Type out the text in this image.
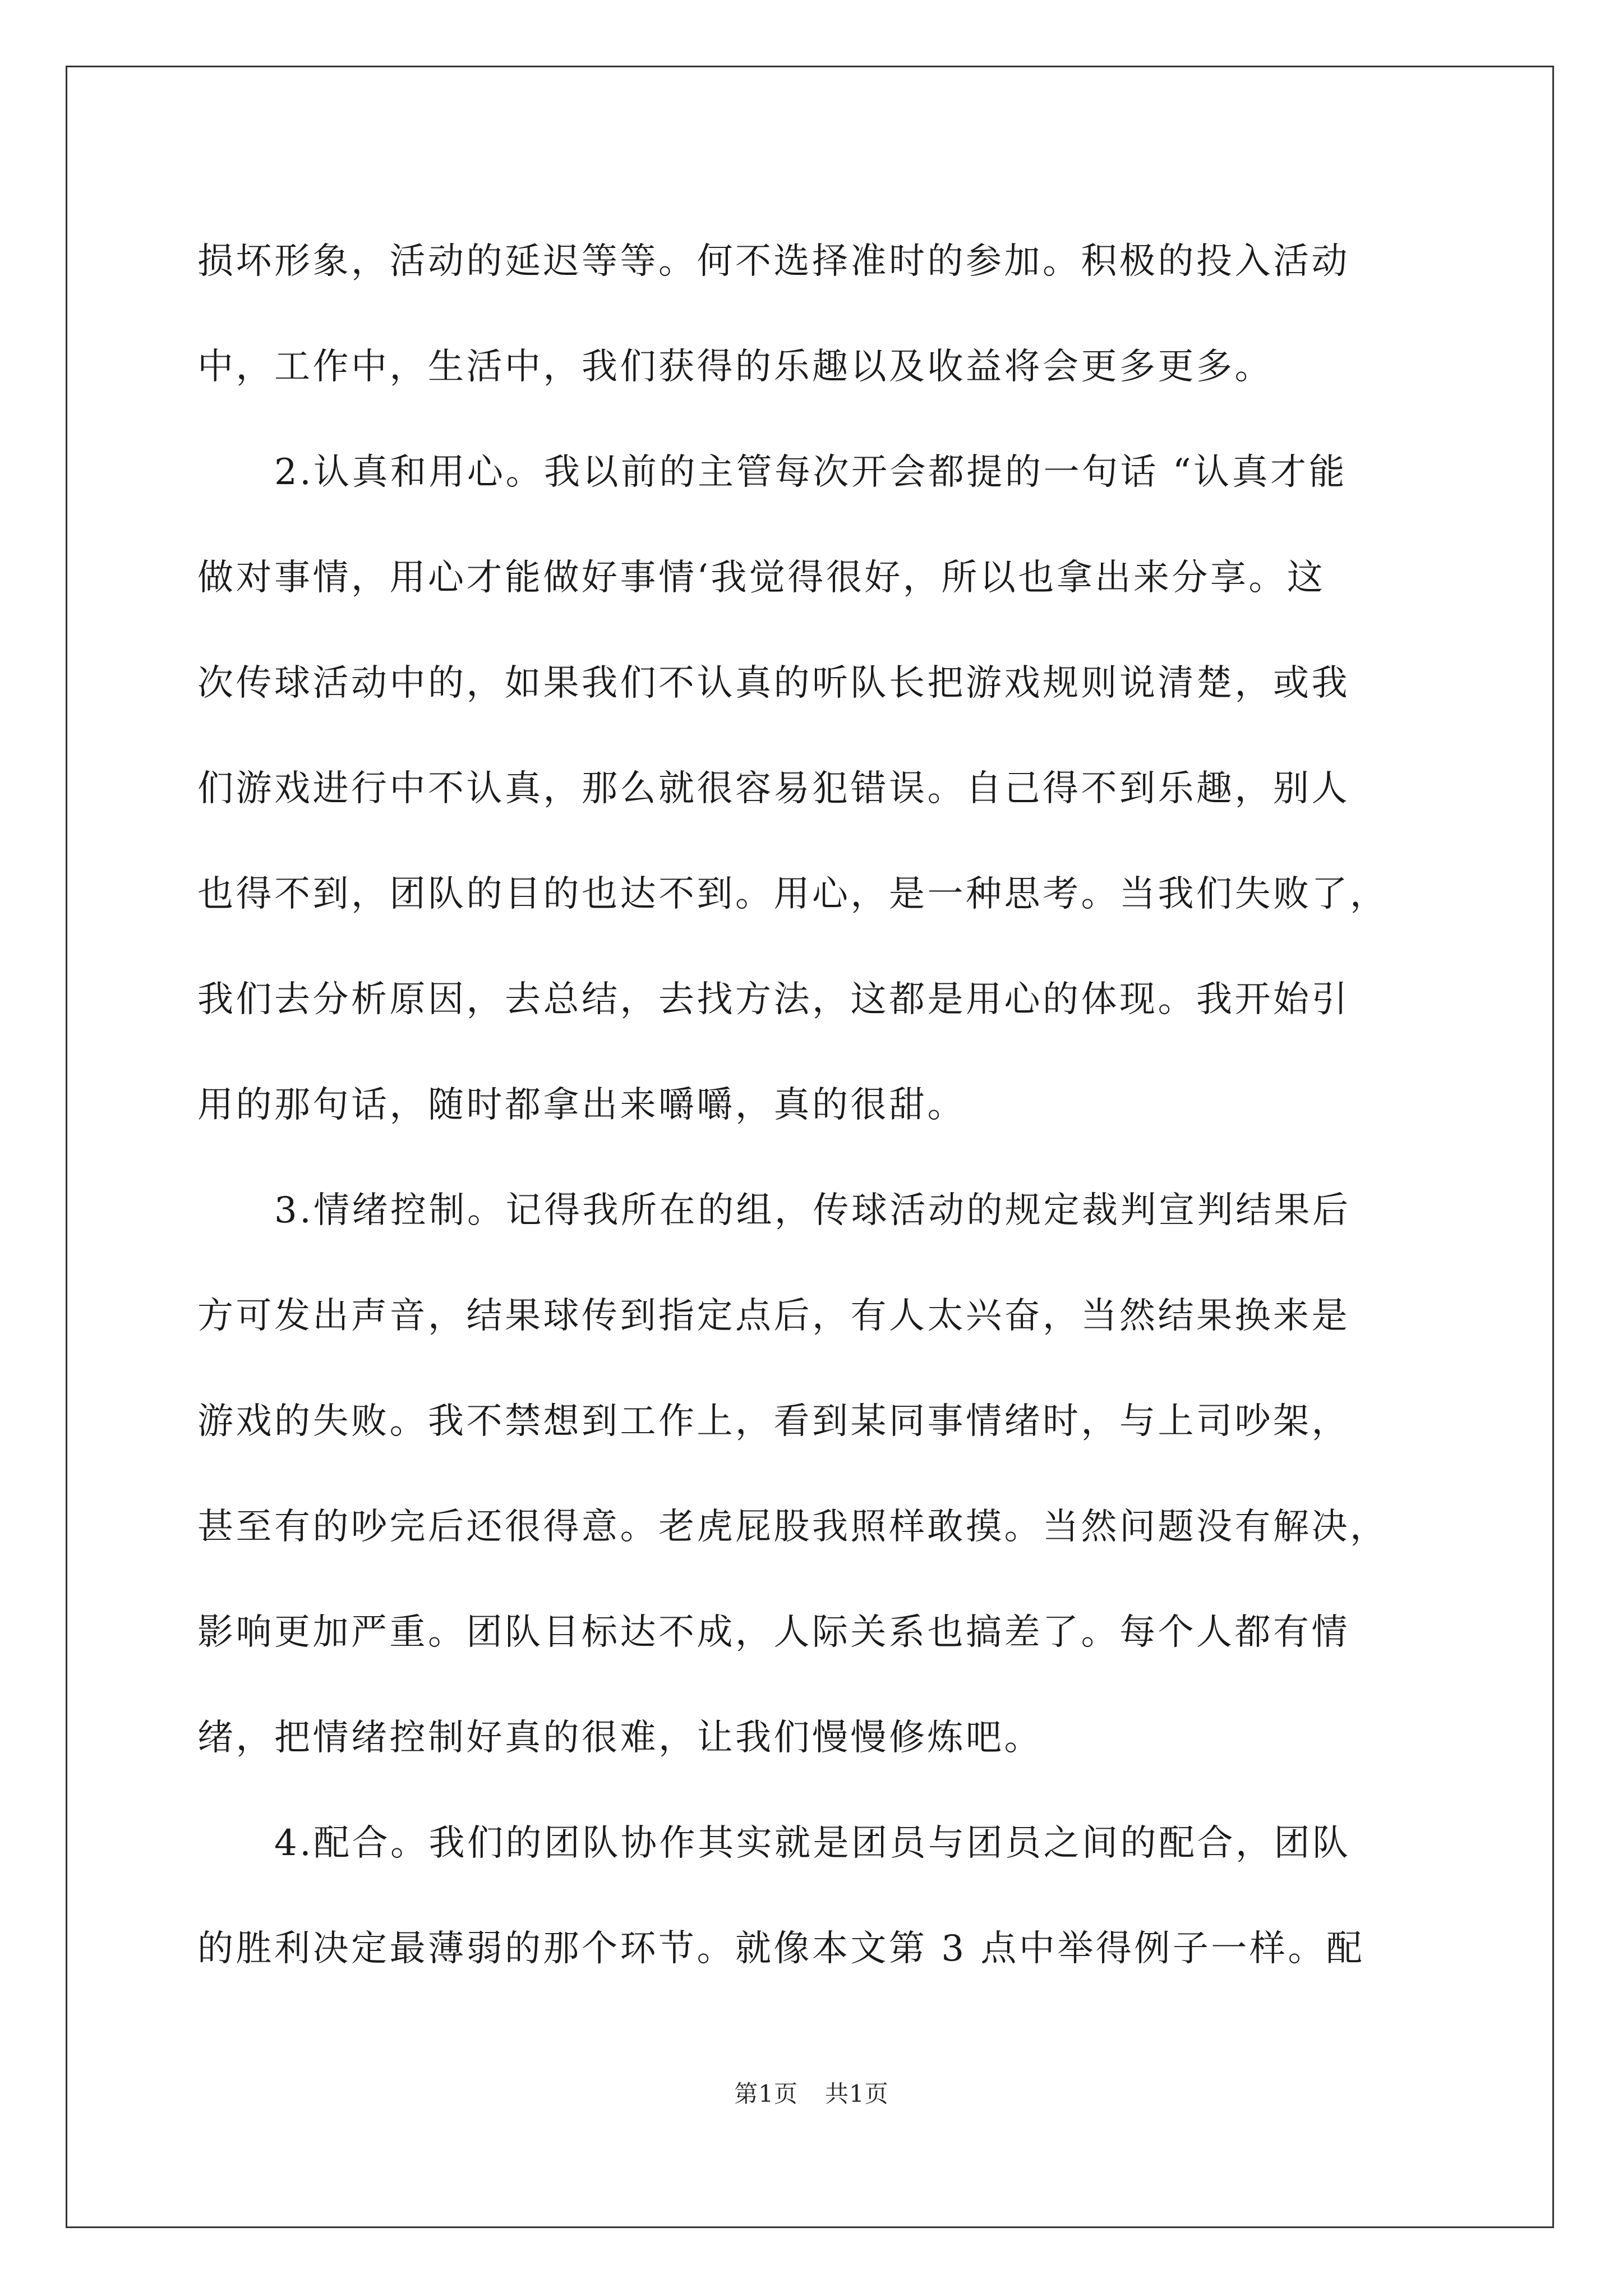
损坏形象，活动的延迟等等。何不选择准时的参加。积极的投入活动
中，工作中，生活中，我们获得的乐趣以及收益将会更多更多。
2.认真和用心。我以前的主管每次开会都提的一句话 “认真才能
做对事情，用心才能做好事情‘我觉得很好，所以也拿出来分享。这
次传球活动中的，如果我们不认真的听队长把游戏规则说清楚，或我
们游戏进行中不认真，那么就很容易犯错误。自己得不到乐趣，别人
也得不到，团队的目的也达不到。用心，是一种思考。当我们失败了，
我们去分析原因，去总结，去找方法，这都是用心的体现。我开始引
用的那句话，随时都拿出来嚼嚼，真的很甜。
3.情绪控制。记得我所在的组，传球活动的规定裁判宣判结果后
方可发出声音，结果球传到指定点后，有人太兴奋，当然结果换来是
游戏的失败。我不禁想到工作上，看到某同事情绪时，与上司吵架，
甚至有的吵完后还很得意。老虎屁股我照样敢摸。当然问题没有解决，
影响更加严重。团队目标达不成，人际关系也搞差了。每个人都有情
绪，把情绪控制好真的很难，让我们慢慢修炼吧。
4.配合。我们的团队协作其实就是团员与团员之间的配合，团队
的胜利决定最薄弱的那个环节。就像本文第 3 点中举得例子一样。配
第1页 共1页
